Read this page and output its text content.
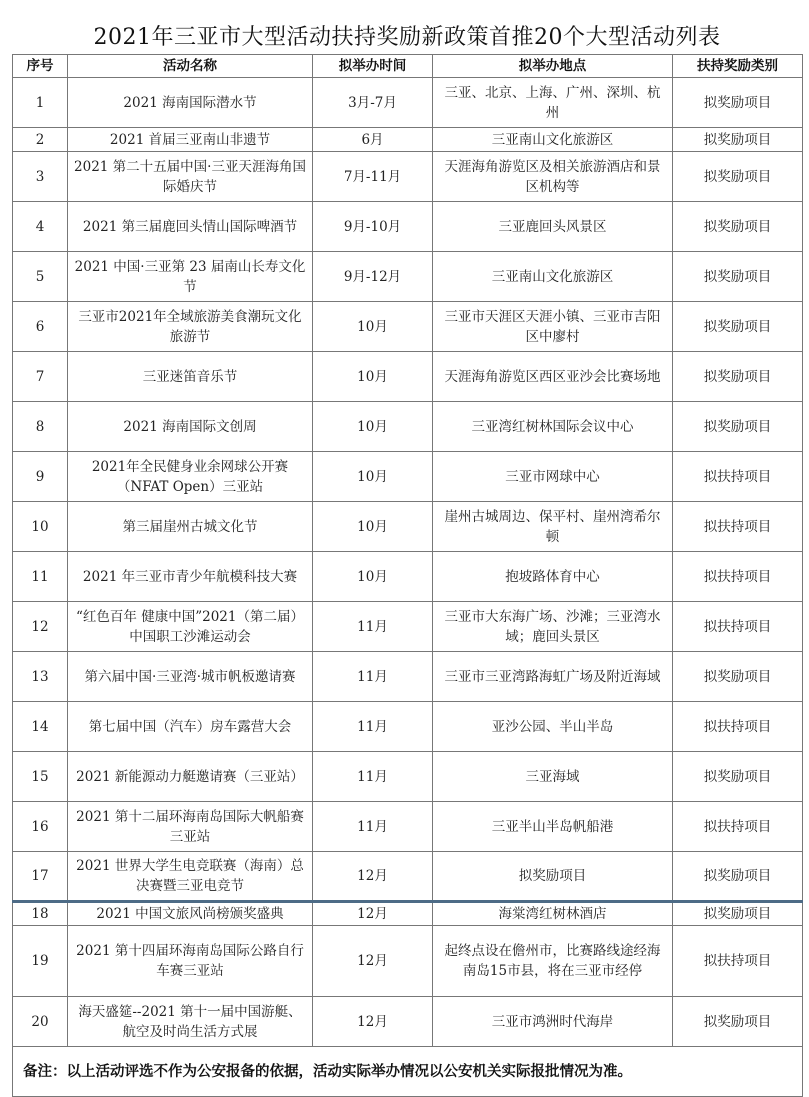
2021年三亚市大型活动扶持奖励新政策首推20个大型活动列表
序号	活动名称	拟举办时间	拟举办地点	扶持奖励类别
1	2021 海南国际潜水节	3月-7月	三亚、北京、上海、广州、深圳、杭州	拟奖励项目
2	2021 首届三亚南山非遗节	6月	三亚南山文化旅游区	拟奖励项目
3	2021 第二十五届中国·三亚天涯海角国际婚庆节	7月-11月	天涯海角游览区及相关旅游酒店和景区机构等	拟奖励项目
4	2021 第三届鹿回头情山国际啤酒节	9月-10月	三亚鹿回头风景区	拟奖励项目
5	2021 中国·三亚第 23 届南山长寿文化节	9月-12月	三亚南山文化旅游区	拟奖励项目
6	三亚市2021年全域旅游美食潮玩文化旅游节	10月	三亚市天涯区天涯小镇、三亚市吉阳区中廖村	拟奖励项目
7	三亚迷笛音乐节	10月	天涯海角游览区西区亚沙会比赛场地	拟奖励项目
8	2021 海南国际文创周	10月	三亚湾红树林国际会议中心	拟奖励项目
9	2021年全民健身业余网球公开赛（NFAT Open）三亚站	10月	三亚市网球中心	拟扶持项目
10	第三届崖州古城文化节	10月	崖州古城周边、保平村、崖州湾希尔顿	拟扶持项目
11	2021 年三亚市青少年航模科技大赛	10月	抱坡路体育中心	拟扶持项目
12	“红色百年 健康中国”2021（第二届）中国职工沙滩运动会	11月	三亚市大东海广场、沙滩；三亚湾水域；鹿回头景区	拟扶持项目
13	第六届中国·三亚湾·城市帆板邀请赛	11月	三亚市三亚湾路海虹广场及附近海域	拟奖励项目
14	第七届中国（汽车）房车露营大会	11月	亚沙公园、半山半岛	拟扶持项目
15	2021 新能源动力艇邀请赛（三亚站）	11月	三亚海域	拟奖励项目
16	2021 第十二届环海南岛国际大帆船赛三亚站	11月	三亚半山半岛帆船港	拟扶持项目
17	2021 世界大学生电竞联赛（海南）总决赛暨三亚电竞节	12月	拟奖励项目	拟奖励项目
18	2021 中国文旅风尚榜颁奖盛典	12月	海棠湾红树林酒店	拟奖励项目
19	2021 第十四届环海南岛国际公路自行车赛三亚站	12月	起终点设在儋州市，比赛路线途经海南岛15市县，将在三亚市经停	拟扶持项目
20	海天盛筵--2021 第十一届中国游艇、航空及时尚生活方式展	12月	三亚市鸿洲时代海岸	拟奖励项目
备注：以上活动评选不作为公安报备的依据，活动实际举办情况以公安机关实际报批情况为准。				
